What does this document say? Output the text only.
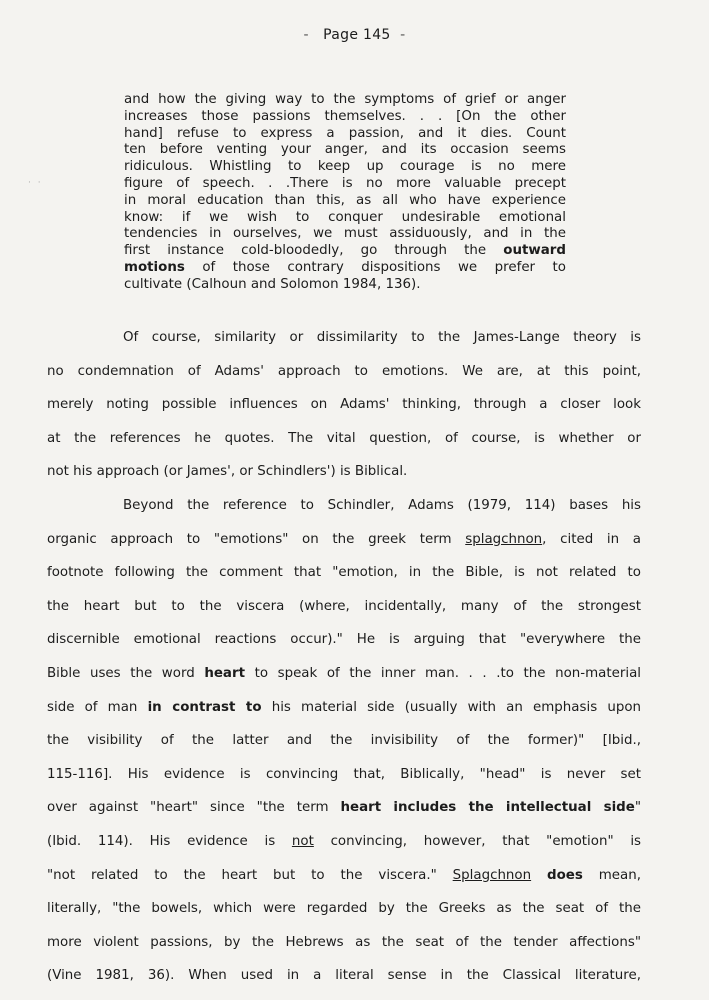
- Page 145 -
· ·
and how the giving way to the symptoms of grief or anger
increases those passions themselves. . . [On the other
hand] refuse to express a passion, and it dies. Count
ten before venting your anger, and its occasion seems
ridiculous. Whistling to keep up courage is no mere
figure of speech. . .There is no more valuable precept
in moral education than this, as all who have experience
know: if we wish to conquer undesirable emotional
tendencies in ourselves, we must assiduously, and in the
first instance cold-bloodedly, go through the outward
motions of those contrary dispositions we prefer to
cultivate (Calhoun and Solomon 1984, 136).
Of course, similarity or dissimilarity to the James-Lange theory is
no condemnation of Adams' approach to emotions. We are, at this point,
merely noting possible influences on Adams' thinking, through a closer look
at the references he quotes. The vital question, of course, is whether or
not his approach (or James', or Schindlers') is Biblical.
Beyond the reference to Schindler, Adams (1979, 114) bases his
organic approach to "emotions" on the greek term splagchnon, cited in a
footnote following the comment that "emotion, in the Bible, is not related to
the heart but to the viscera (where, incidentally, many of the strongest
discernible emotional reactions occur)." He is arguing that "everywhere the
Bible uses the word heart to speak of the inner man. . . .to the non-material
side of man in contrast to his material side (usually with an emphasis upon
the visibility of the latter and the invisibility of the former)" [Ibid.,
115-116]. His evidence is convincing that, Biblically, "head" is never set
over against "heart" since "the term heart includes the intellectual side"
(Ibid. 114). His evidence is not convincing, however, that "emotion" is
"not related to the heart but to the viscera." Splagchnon does mean,
literally, "the bowels, which were regarded by the Greeks as the seat of the
more violent passions, by the Hebrews as the seat of the tender affections"
(Vine 1981, 36). When used in a literal sense in the Classical literature,
